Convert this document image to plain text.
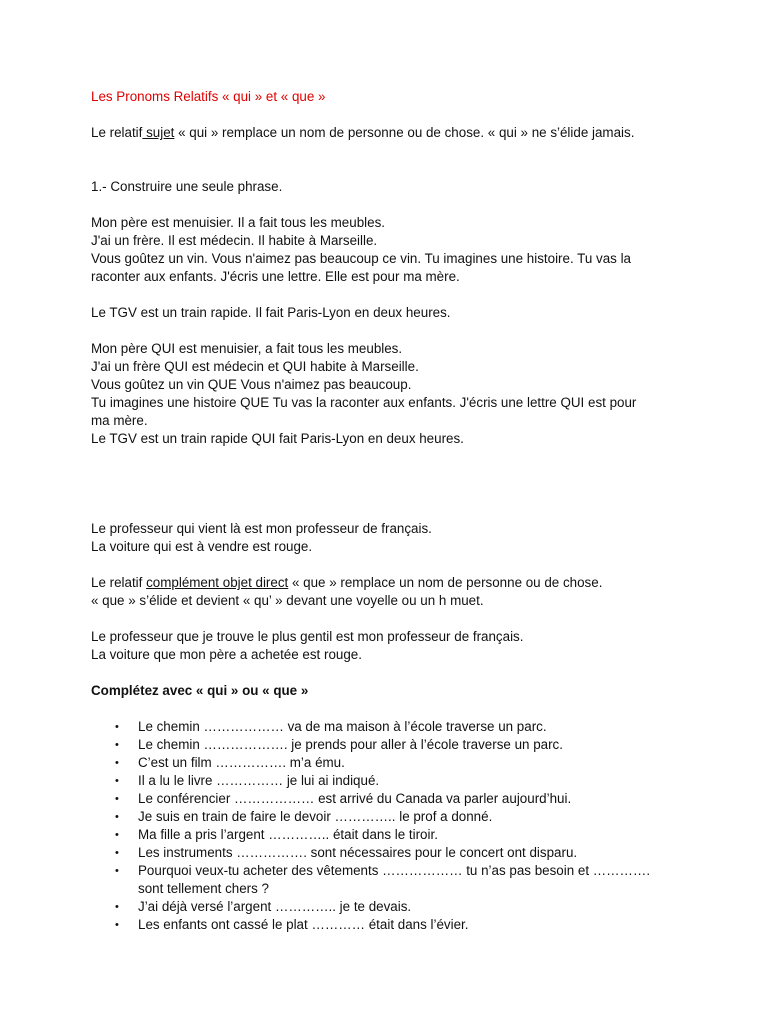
Les Pronoms Relatifs « qui » et « que »
Le relatif sujet « qui » remplace un nom de personne ou de chose. « qui » ne s’élide jamais.
1.- Construire une seule phrase.
Mon père est menuisier. Il a fait tous les meubles.
J'ai un frère. Il est médecin. Il habite à Marseille.
Vous goûtez un vin. Vous n'aimez pas beaucoup ce vin. Tu imagines une histoire. Tu vas la
raconter aux enfants. J'écris une lettre. Elle est pour ma mère.
Le TGV est un train rapide. Il fait Paris-Lyon en deux heures.
Mon père QUI est menuisier, a fait tous les meubles.
J'ai un frère QUI est médecin et QUI habite à Marseille.
Vous goûtez un vin QUE Vous n'aimez pas beaucoup.
Tu imagines une histoire QUE Tu vas la raconter aux enfants. J'écris une lettre QUI est pour
ma mère.
Le TGV est un train rapide QUI fait Paris-Lyon en deux heures.
Le professeur qui vient là est mon professeur de français.
La voiture qui est à vendre est rouge.
Le relatif complément objet direct « que » remplace un nom de personne ou de chose.
« que » s’élide et devient « qu’ » devant une voyelle ou un h muet.
Le professeur que je trouve le plus gentil est mon professeur de français.
La voiture que mon père a achetée est rouge.
Complétez avec « qui » ou « que »
• Le chemin ……………… va de ma maison à l’école traverse un parc.
• Le chemin ………………. je prends pour aller à l’école traverse un parc.
• C’est un film ……………. m’a ému.
• Il a lu le livre …………… je lui ai indiqué.
• Le conférencier ……………… est arrivé du Canada va parler aujourd’hui.
• Je suis en train de faire le devoir ………….. le prof a donné.
• Ma fille a pris l’argent ………….. était dans le tiroir.
• Les instruments ……………. sont nécessaires pour le concert ont disparu.
• Pourquoi veux-tu acheter des vêtements ……………… tu n’as pas besoin et …………. sont tellement chers ?
• J’ai déjà versé l’argent ………….. je te devais.
• Les enfants ont cassé le plat ………… était dans l’évier.
